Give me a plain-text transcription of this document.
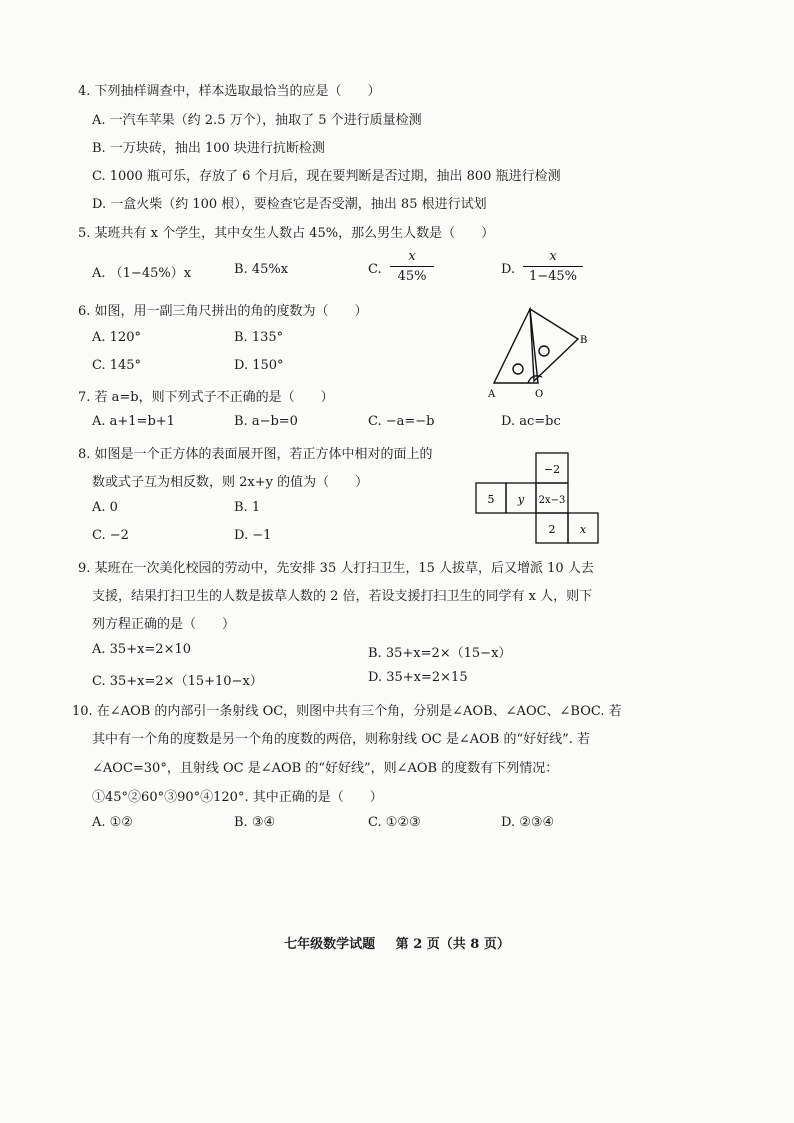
4. 下列抽样调查中，样本选取最恰当的应是（　　）
A. 一汽车苹果（约 2.5 万个），抽取了 5 个进行质量检测
B. 一万块砖，抽出 100 块进行抗断检测
C. 1000 瓶可乐，存放了 6 个月后，现在要判断是否过期，抽出 800 瓶进行检测
D. 一盒火柴（约 100 根），要检查它是否受潮，抽出 85 根进行试划
5. 某班共有 x 个学生，其中女生人数占 45%，那么男生人数是（　　）
A. （1−45%）x	B. 45%x	C. $\frac{x}{45\%}$	D. $\frac{x}{1-45\%}$
6. 如图，用一副三角尺拼出的角的度数为（　　）
A. 120°	B. 135°
C. 145°	D. 150°
A	O
B
7. 若 a=b，则下列式子不正确的是（　　）
A. a+1=b+1	B. a−b=0	C. −a=−b	D. ac=bc
8. 如图是一个正方体的表面展开图，若正方体中相对的面上的
数或式子互为相反数，则 2x+y 的值为（　　）
A. 0	B. 1
C. −2	D. −1
−2
5 y 2x−3
2 x
9. 某班在一次美化校园的劳动中，先安排 35 人打扫卫生，15 人拔草，后又增派 10 人去
支援，结果打扫卫生的人数是拔草人数的 2 倍，若设支援打扫卫生的同学有 x 人，则下
列方程正确的是（　　）
A. 35+x=2×10	B. 35+x=2×（15−x）
C. 35+x=2×（15+10−x）	D. 35+x=2×15
10. 在∠AOB 的内部引一条射线 OC，则图中共有三个角，分别是∠AOB、∠AOC、∠BOC. 若
其中有一个角的度数是另一个角的度数的两倍，则称射线 OC 是∠AOB 的“好好线”. 若
∠AOC=30°，且射线 OC 是∠AOB 的“好好线”，则∠AOB 的度数有下列情况：
①45°②60°③90°④120°. 其中正确的是（　　）
A. ①②	B. ③④	C. ①②③	D. ②③④
七年级数学试题 第 2 页（共 8 页）
